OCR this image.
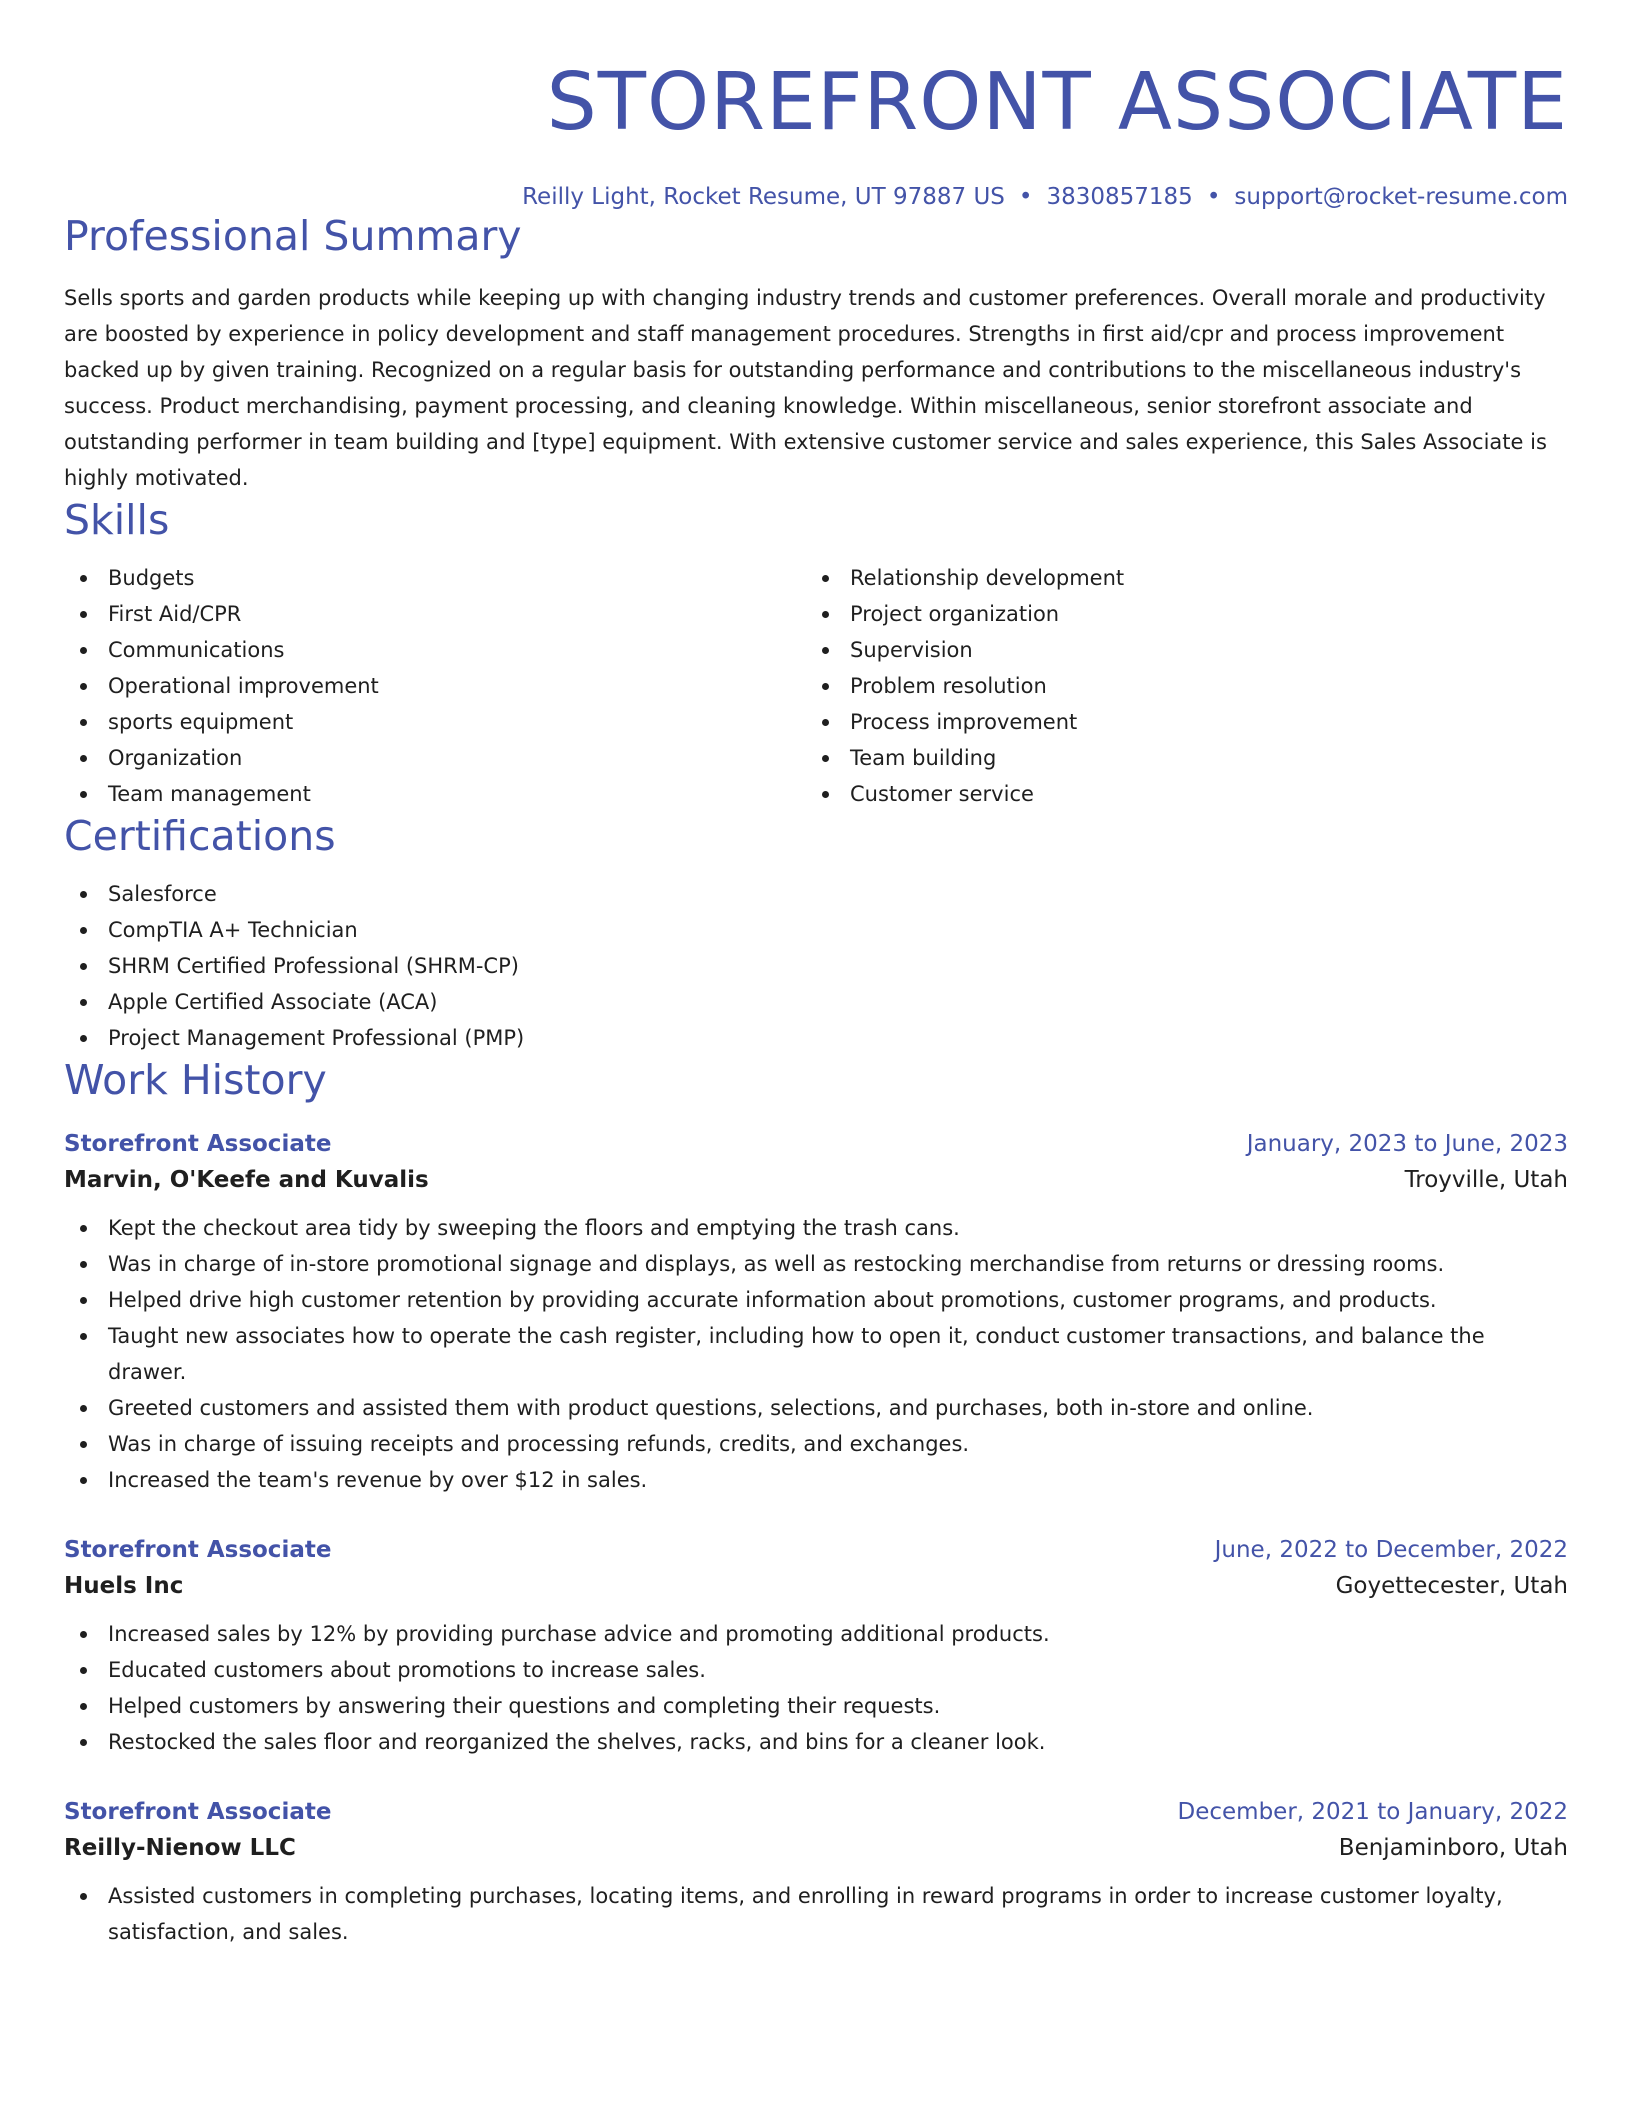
STOREFRONT ASSOCIATE
Reilly Light, Rocket Resume, UT 97887 US • 3830857185 • support@rocket-resume.com
Professional Summary

Sells sports and garden products while keeping up with changing industry trends and customer preferences. Overall morale and productivity are boosted by experience in policy development and staff management procedures. Strengths in first aid/cpr and process improvement backed up by given training. Recognized on a regular basis for outstanding performance and contributions to the miscellaneous industry's success. Product merchandising, payment processing, and cleaning knowledge. Within miscellaneous, senior storefront associate and outstanding performer in team building and [type] equipment. With extensive customer service and sales experience, this Sales Associate is highly motivated.

Skills
Budgets
First Aid/CPR
Communications
Operational improvement
sports equipment
Organization
Team management
Relationship development
Project organization
Supervision
Problem resolution
Process improvement
Team building
Customer service
Certifications
Salesforce
CompTIA A+ Technician
SHRM Certified Professional (SHRM-CP)
Apple Certified Associate (ACA)
Project Management Professional (PMP)
Work History
Storefront Associate	January, 2023 to June, 2023
Marvin, O'Keefe and Kuvalis	Troyville, Utah
Kept the checkout area tidy by sweeping the floors and emptying the trash cans.
Was in charge of in-store promotional signage and displays, as well as restocking merchandise from returns or dressing rooms.
Helped drive high customer retention by providing accurate information about promotions, customer programs, and products.
Taught new associates how to operate the cash register, including how to open it, conduct customer transactions, and balance the drawer.
Greeted customers and assisted them with product questions, selections, and purchases, both in-store and online.
Was in charge of issuing receipts and processing refunds, credits, and exchanges.
Increased the team's revenue by over $12 in sales.
Storefront Associate	June, 2022 to December, 2022
Huels Inc	Goyettecester, Utah
Increased sales by 12% by providing purchase advice and promoting additional products.
Educated customers about promotions to increase sales.
Helped customers by answering their questions and completing their requests.
Restocked the sales floor and reorganized the shelves, racks, and bins for a cleaner look.
Storefront Associate	December, 2021 to January, 2022
Reilly-Nienow LLC	Benjaminboro, Utah
Assisted customers in completing purchases, locating items, and enrolling in reward programs in order to increase customer loyalty, satisfaction, and sales.
